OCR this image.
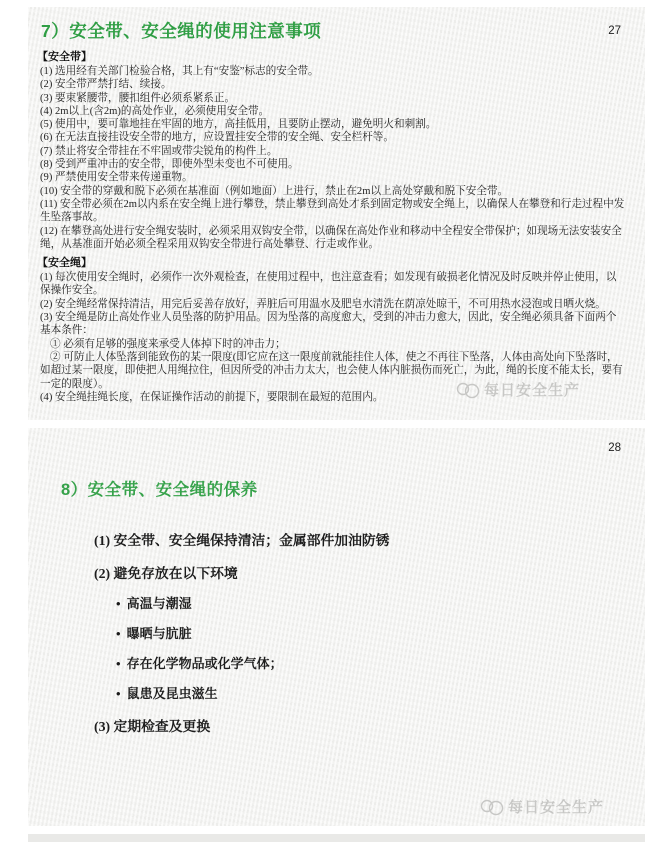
27
7）安全带、安全绳的使用注意事项
【安全带】

(1) 选用经有关部门检验合格，其上有“安鉴”标志的安全带。

(2) 安全带严禁打结、续接。

(3) 要束紧腰带，腰扣组件必须系紧系正。

(4) 2m以上(含2m)的高处作业，必须使用安全带。

(5) 使用中，要可靠地挂在牢固的地方，高挂低用，且要防止摆动，避免明火和刺割。

(6) 在无法直接挂设安全带的地方，应设置挂安全带的安全绳、安全栏杆等。

(7) 禁止将安全带挂在不牢固或带尖锐角的构件上。

(8) 受到严重冲击的安全带，即使外型未变也不可使用。

(9) 严禁使用安全带来传递重物。

(10) 安全带的穿戴和脱下必须在基准面（例如地面）上进行，禁止在2m以上高处穿戴和脱下安全带。

(11) 安全带必须在2m以内系在安全绳上进行攀登，禁止攀登到高处才系到固定物或安全绳上，以确保人在攀登和行走过程中发生坠落事故。

(12) 在攀登高处进行安全绳安装时，必须采用双钩安全带，以确保在高处作业和移动中全程安全带保护；如现场无法安装安全绳，从基准面开始必须全程采用双钩安全带进行高处攀登、行走或作业。

【安全绳】

(1) 每次使用安全绳时，必须作一次外观检查，在使用过程中，也注意查看；如发现有破损老化情况及时反映并停止使用，以保操作安全。

(2) 安全绳经常保持清洁，用完后妥善存放好，弄脏后可用温水及肥皂水清洗在荫凉处晾干，不可用热水浸泡或日晒火烧。

(3) 安全绳是防止高处作业人员坠落的防护用品。因为坠落的高度愈大，受到的冲击力愈大，因此，安全绳必须具备下面两个基本条件：

① 必须有足够的强度来承受人体掉下时的冲击力；

② 可防止人体坠落到能致伤的某一限度(即它应在这一限度前就能挂住人体，使之不再往下坠落，人体由高处向下坠落时，如超过某一限度，即使把人用绳拉住，但因所受的冲击力太大，也会使人体内脏损伤而死亡，为此，绳的长度不能太长，要有一定的限度）。

(4) 安全绳挂绳长度，在保证操作活动的前提下，要限制在最短的范围内。	每日安全生产
28
8）安全带、安全绳的保养

(1) 安全带、安全绳保持清洁；金属部件加油防锈

(2) 避免存放在以下环境

• 高温与潮湿

• 曝晒与肮脏

• 存在化学物品或化学气体；

• 鼠患及昆虫滋生

(3) 定期检查及更换

每日安全生产
